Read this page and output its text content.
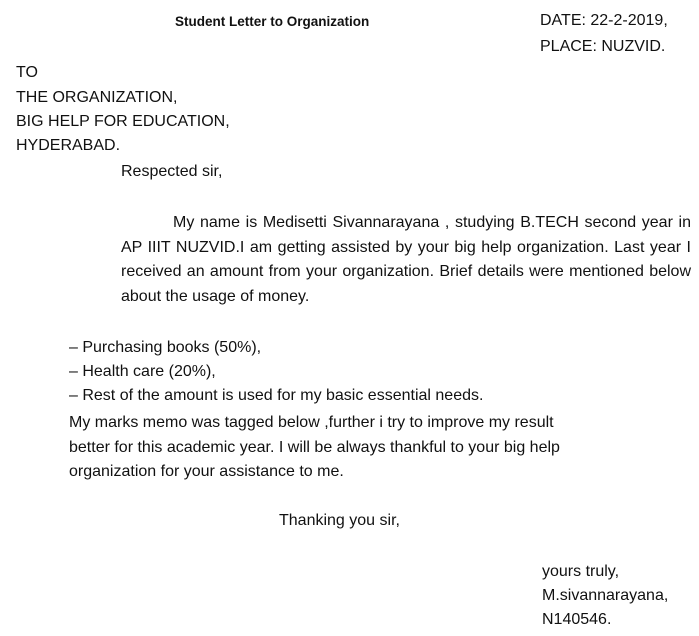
Student Letter to Organization	DATE: 22-2-2019,
PLACE: NUZVID.
TO
THE ORGANIZATION,
BIG HELP FOR EDUCATION,
HYDERABAD.
Respected sir,
My name is Medisetti Sivannarayana , studying B.TECH second year in AP IIIT NUZVID.I am getting assisted by your big help organization. Last year I received an amount from your organization. Brief details were mentioned below about the usage of money.
– Purchasing books (50%),
– Health care (20%),
– Rest of the amount is used for my basic essential needs.
My marks memo was tagged below ,further i try to improve my result
better for this academic year. I will be always thankful to your big help
organization for your assistance to me.
Thanking you sir,
yours truly,
M.sivannarayana,
N140546.
